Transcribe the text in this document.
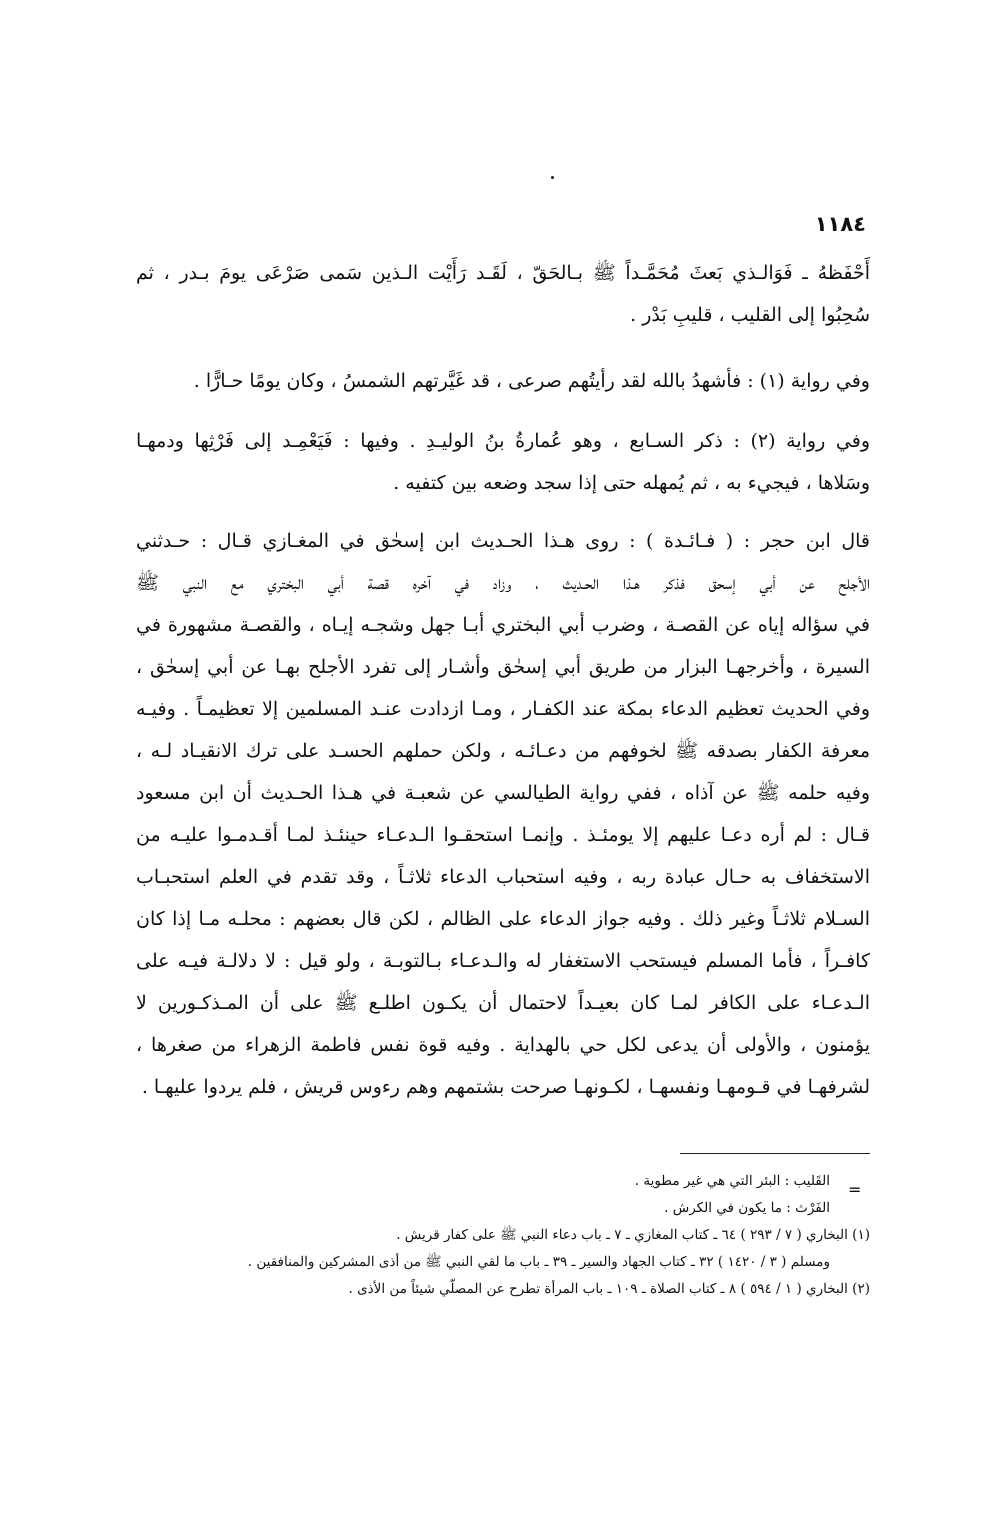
١١٨٤
أَحْفَظهُ ـ فَوَالـذي بَعثَ مُحَمَّـداً ﷺ بـالحَقّ ، لَقَـد رَأَيْت الـذين سَمى صَرْعَى يومَ بـدر ، ثم
سُحِبُوا إلى القليب ، قليبِ بَدْر .
وفي رواية (١) : فأشهدُ بالله لقد رأيتُهم صرعى ، قد غَيَّرتهم الشمسُ ، وكان يومًا حـارًّا .
وفي رواية (٢) : ذكر السـابع ، وهو عُمارةُ بنُ الوليـدِ . وفيها : فَيَعْمِـد إلى فَرْثِها ودمهـا
وسَلاها ، فيجيء به ، ثم يُمهله حتى إذا سجد وضعه بين كتفيه .
قال ابن حجر : ( فـائـدة ) : روى هـذا الحـديث ابن إسحٰق في المغـازي قـال : حـدثني
الأجلح عن أبي إسحق فذكر هـذا الحـديث ، وزاد في آخره قصة أبي البختري مع النبي ﷺ
في سؤاله إياه عن القصـة ، وضرب أبي البختري أبـا جهل وشجـه إيـاه ، والقصـة مشهورة في
السيرة ، وأخرجهـا البزار من طريق أبي إسحٰق وأشـار إلى تفرد الأجلح بهـا عن أبي إسحٰق ،
وفي الحديث تعظيم الدعاء بمكة عند الكفـار ، ومـا ازدادت عنـد المسلمين إلا تعظيمـاً . وفيـه
معرفة الكفار بصدقه ﷺ لخوفهم من دعـائـه ، ولكن حملهم الحسـد على ترك الانقيـاد لـه ،
وفيه حلمه ﷺ عن آذاه ، ففي رواية الطيالسي عن شعبـة في هـذا الحـديث أن ابن مسعود
قـال : لم أره دعـا عليهم إلا يومئـذ . وإنمـا استحقـوا الـدعـاء حينئـذ لمـا أقـدمـوا عليـه من
الاستخفاف به حـال عبادة ربه ، وفيه استحباب الدعاء ثلاثـاً ، وقد تقدم في العلم استحبـاب
السـلام ثلاثـاً وغير ذلك . وفيه جواز الدعاء على الظالم ، لكن قال بعضهم : محلـه مـا إذا كان
كافـراً ، فأما المسلم فيستحب الاستغفار له والـدعـاء بـالتوبـة ، ولو قيل : لا دلالـة فيـه على
الـدعـاء على الكافر لمـا كان بعيـداً لاحتمال أن يكـون اطلـع ﷺ على أن المـذكـورين لا
يؤمنون ، والأولى أن يدعى لكل حي بالهداية . وفيه قوة نفس فاطمة الزهراء من صغرها ،
لشرفهـا في قـومهـا ونفسهـا ، لكـونهـا صرحت بشتمهم وهم رءوس قريش ، فلم يردوا عليهـا .
=
القَليب : البئر التي هي غير مطوية .
الفَرْث : ما يكون في الكرش .
(١) البخاري ( ٧ / ٢٩٣ ) ٦٤ ـ كتاب المغازي ـ ٧ ـ باب دعاء النبي ﷺ على كفار قريش .
ومسلم ( ٣ / ١٤٢٠ ) ٣٢ ـ كتاب الجهاد والسير ـ ٣٩ ـ باب ما لقي النبي ﷺ من أذى المشركين والمنافقين .
(٢) البخاري ( ١ / ٥٩٤ ) ٨ ـ كتاب الصلاة ـ ١٠٩ ـ باب المرأة تطرح عن المصلّي شيئاً من الأذى .
